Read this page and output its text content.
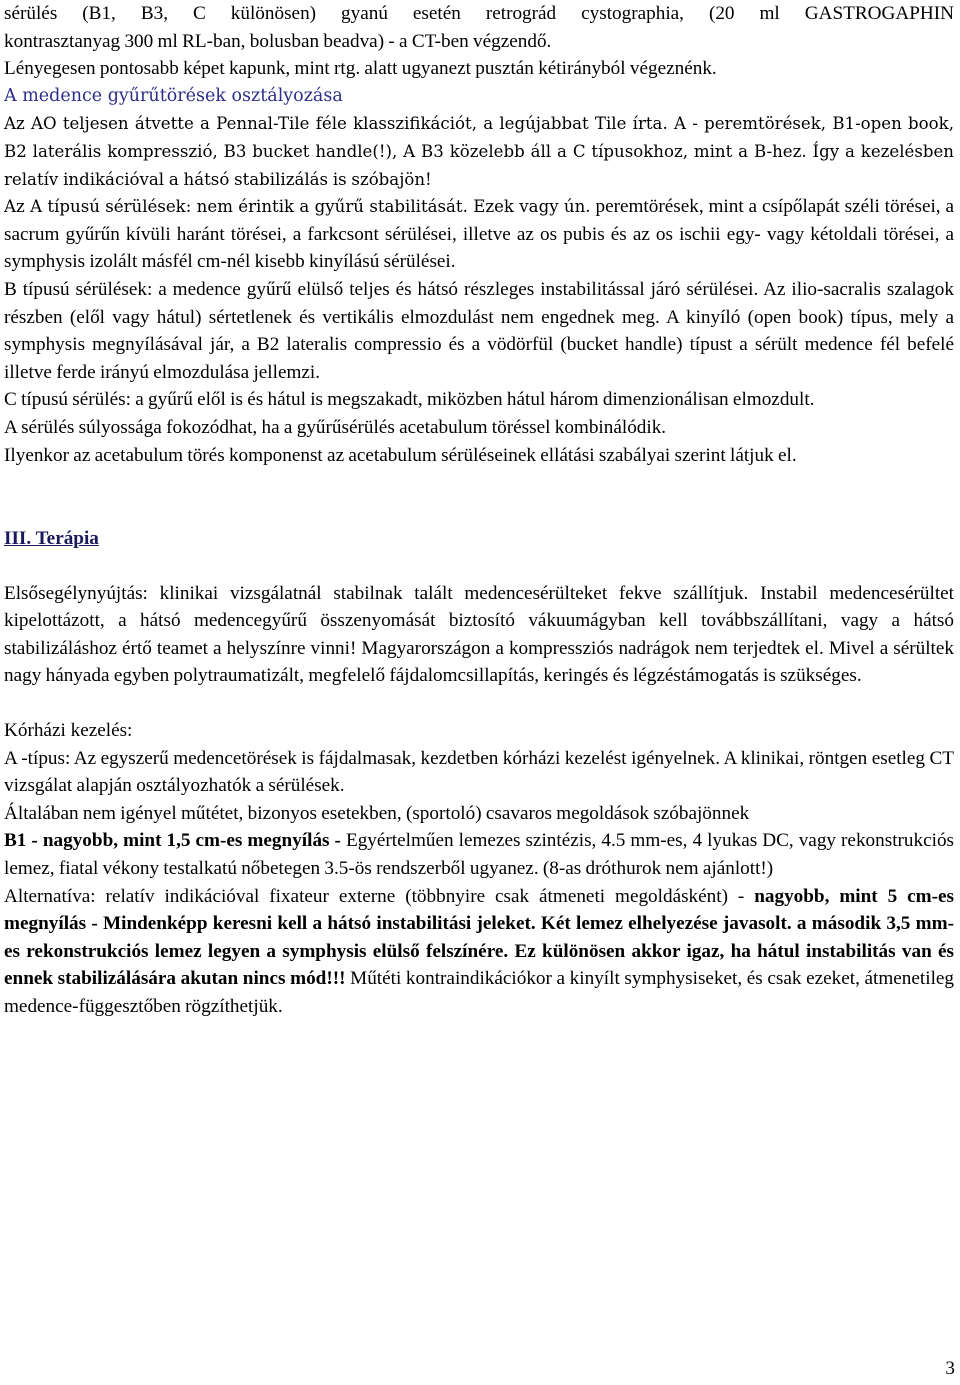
sérülés (B1, B3, C különösen) gyanú esetén retrográd cystographia, (20 ml GASTROGAPHIN

kontrasztanyag 300 ml RL-ban, bolusban beadva) - a CT-ben végzendő.

Lényegesen pontosabb képet kapunk, mint rtg. alatt ugyanezt pusztán kétirányból végeznénk.

A medence gyűrűtörések osztályozása

Az AO teljesen átvette a Pennal-Tile féle klasszifikációt, a legújabbat Tile írta. A - peremtörések, B1-open book, B2 laterális kompresszió, B3 bucket handle(!), A B3 közelebb áll a C típusokhoz, mint a B-hez. Így a kezelésben relatív indikációval a hátsó stabilizálás is szóbajön!

Az A típusú sérülések: nem érintik a gyűrű stabilitását. Ezek vagy ún. peremtörések, mint a csípőlapát széli törései, a sacrum gyűrűn kívüli haránt törései, a farkcsont sérülései, illetve az os pubis és az os ischii egy- vagy kétoldali törései, a symphysis izolált másfél cm-nél kisebb kinyílású sérülései.

B típusú sérülések: a medence gyűrű elülső teljes és hátsó részleges instabilitással járó sérülései. Az ilio-sacralis szalagok részben (elől vagy hátul) sértetlenek és vertikális elmozdulást nem engednek meg. A kinyíló (open book) típus, mely a symphysis megnyílásával jár, a B2 lateralis compressio és a vödörfül (bucket handle) típust a sérült medence fél befelé illetve ferde irányú elmozdulása jellemzi.

C típusú sérülés: a gyűrű elől is és hátul is megszakadt, miközben hátul három dimenzionálisan elmozdult.

A sérülés súlyossága fokozódhat, ha a gyűrűsérülés acetabulum töréssel kombinálódik.

Ilyenkor az acetabulum törés komponenst az acetabulum sérüléseinek ellátási szabályai szerint látjuk el.

III. Terápia

Elsősegélynyújtás: klinikai vizsgálatnál stabilnak talált medencesérülteket fekve szállítjuk. Instabil medencesérültet kipelottázott, a hátsó medencegyűrű összenyomását biztosító vákuumágyban kell továbbszállítani, vagy a hátsó stabilizáláshoz értő teamet a helyszínre vinni! Magyarországon a kompressziós nadrágok nem terjedtek el. Mivel a sérültek nagy hányada egyben polytraumatizált, megfelelő fájdalomcsillapítás, keringés és légzéstámogatás is szükséges.

Kórházi kezelés:

A -típus: Az egyszerű medencetörések is fájdalmasak, kezdetben kórházi kezelést igényelnek. A klinikai, röntgen esetleg CT vizsgálat alapján osztályozhatók a sérülések.

Általában nem igényel műtétet, bizonyos esetekben, (sportoló) csavaros megoldások szóbajönnek

B1 - nagyobb, mint 1,5 cm-es megnyílás - Egyértelműen lemezes szintézis, 4.5 mm-es, 4 lyukas DC, vagy rekonstrukciós lemez, fiatal vékony testalkatú nőbetegen 3.5-ös rendszerből ugyanez. (8-as dróthurok nem ajánlott!)

Alternatíva: relatív indikációval fixateur externe (többnyire csak átmeneti megoldásként) - nagyobb, mint 5 cm-es megnyílás - Mindenképp keresni kell a hátsó instabilitási jeleket. Két lemez elhelyezése javasolt. a második 3,5 mm-es rekonstrukciós lemez legyen a symphysis elülső felszínére. Ez különösen akkor igaz, ha hátul instabilitás van és ennek stabilizálására akutan nincs mód!!! Műtéti kontraindikációkor a kinyílt symphysiseket, és csak ezeket, átmenetileg medence-függesztőben rögzíthetjük.

3
